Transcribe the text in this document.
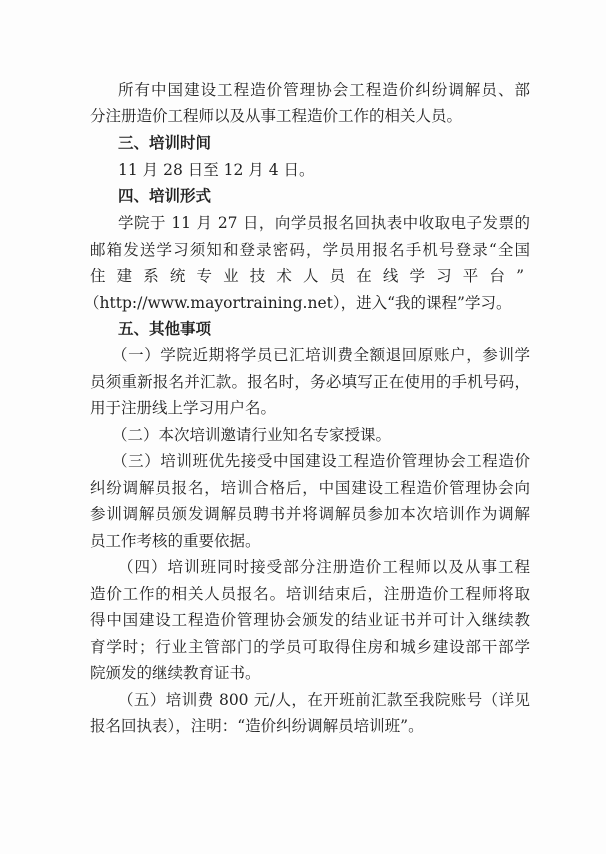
所有中国建设工程造价管理协会工程造价纠纷调解员、部
分注册造价工程师以及从事工程造价工作的相关人员。
三、培训时间
11 月 28 日至 12 月 4 日。
四、培训形式
学院于 11 月 27 日，向学员报名回执表中收取电子发票的
邮箱发送学习须知和登录密码，学员用报名手机号登录“全国
住建系统专业技术人员在线学习平台”
（http://www.mayortraining.net），进入“我的课程”学习。
五、其他事项
（一）学院近期将学员已汇培训费全额退回原账户，参训学
员须重新报名并汇款。报名时，务必填写正在使用的手机号码，
用于注册线上学习用户名。
（二）本次培训邀请行业知名专家授课。
（三）培训班优先接受中国建设工程造价管理协会工程造价
纠纷调解员报名，培训合格后，中国建设工程造价管理协会向
参训调解员颁发调解员聘书并将调解员参加本次培训作为调解
员工作考核的重要依据。
（四）培训班同时接受部分注册造价工程师以及从事工程
造价工作的相关人员报名。培训结束后，注册造价工程师将取
得中国建设工程造价管理协会颁发的结业证书并可计入继续教
育学时；行业主管部门的学员可取得住房和城乡建设部干部学
院颁发的继续教育证书。
（五）培训费 800 元/人，在开班前汇款至我院账号（详见
报名回执表），注明：“造价纠纷调解员培训班”。
